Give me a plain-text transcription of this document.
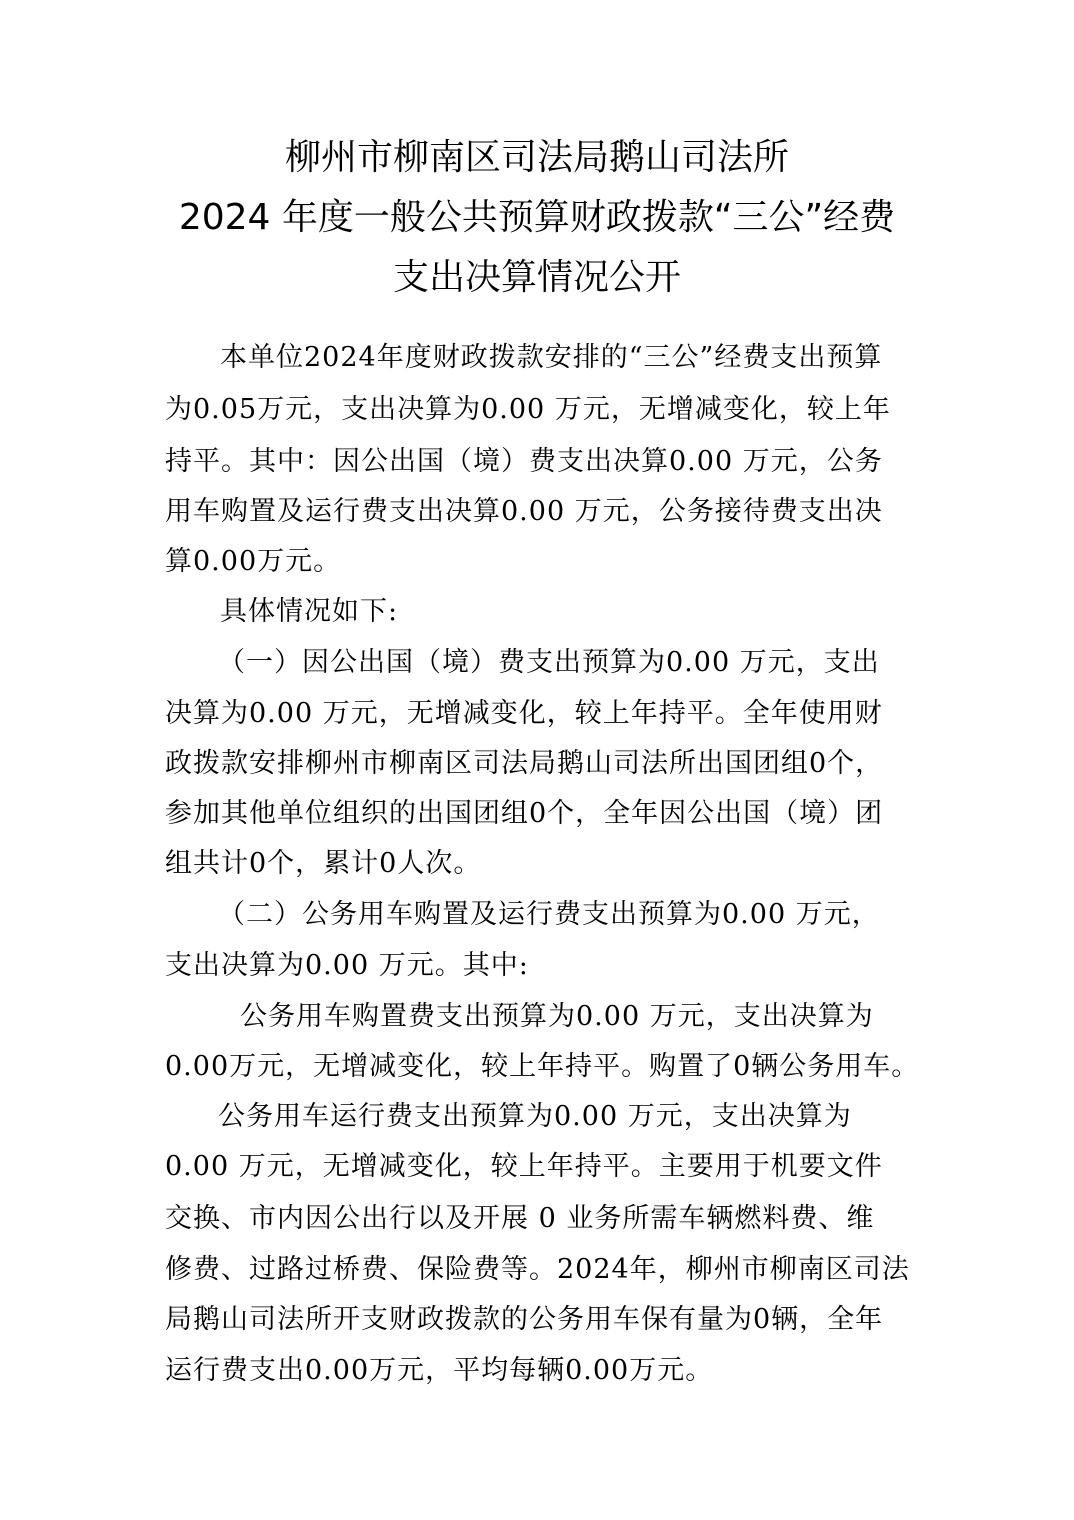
柳州市柳南区司法局鹅山司法所
2024 年度一般公共预算财政拨款“三公”经费
支出决算情况公开
本单位2024年度财政拨款安排的“三公”经费支出预算
为0.05万元，支出决算为0.00 万元，无增减变化，较上年
持平。其中：因公出国（境）费支出决算0.00 万元，公务
用车购置及运行费支出决算0.00 万元，公务接待费支出决
算0.00万元。
具体情况如下:
（一）因公出国（境）费支出预算为0.00 万元，支出
决算为0.00 万元，无增减变化，较上年持平。全年使用财
政拨款安排柳州市柳南区司法局鹅山司法所出国团组0个，
参加其他单位组织的出国团组0个，全年因公出国（境）团
组共计0个，累计0人次。
（二）公务用车购置及运行费支出预算为0.00 万元，
支出决算为0.00 万元。其中:
公务用车购置费支出预算为0.00 万元，支出决算为
0.00万元，无增减变化，较上年持平。购置了0辆公务用车。
公务用车运行费支出预算为0.00 万元，支出决算为
0.00 万元，无增减变化，较上年持平。主要用于机要文件
交换、市内因公出行以及开展 0 业务所需车辆燃料费、维
修费、过路过桥费、保险费等。2024年，柳州市柳南区司法
局鹅山司法所开支财政拨款的公务用车保有量为0辆，全年
运行费支出0.00万元，平均每辆0.00万元。
